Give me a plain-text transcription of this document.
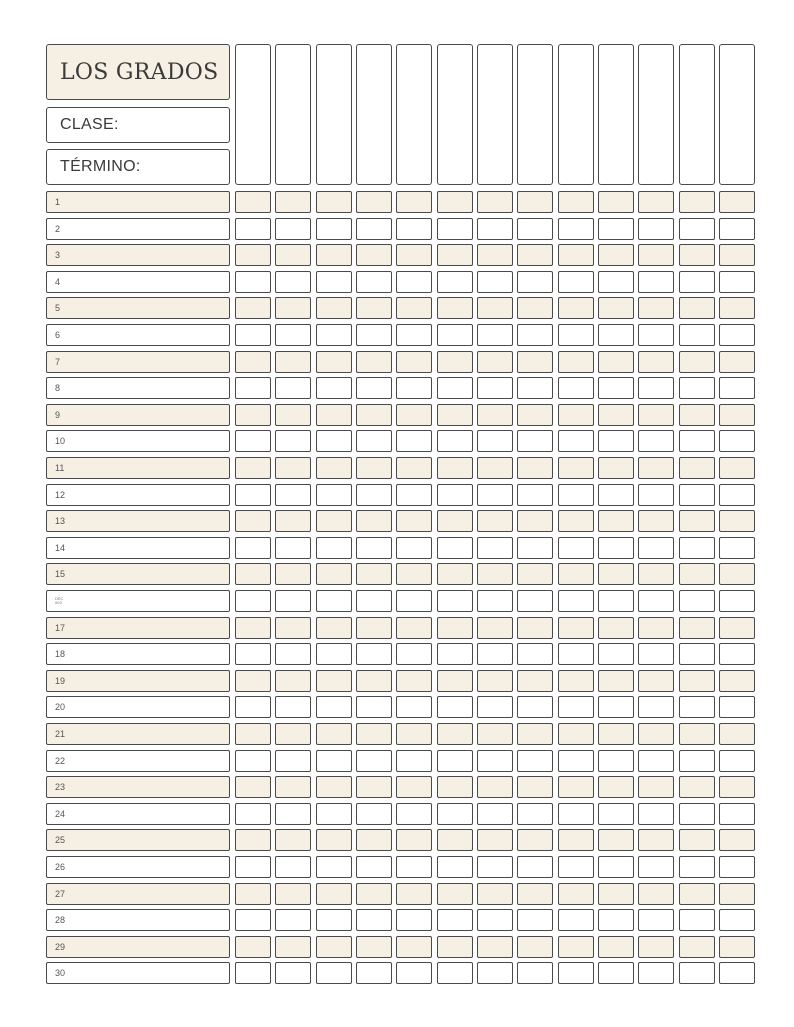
LOS GRADOS
CLASE:
TÉRMINO:
1
2
3
4
5
6
7
8
9
10
11
12
13
14
15
DEC 003
17
18
19
20
21
22
23
24
25
26
27
28
29
30
